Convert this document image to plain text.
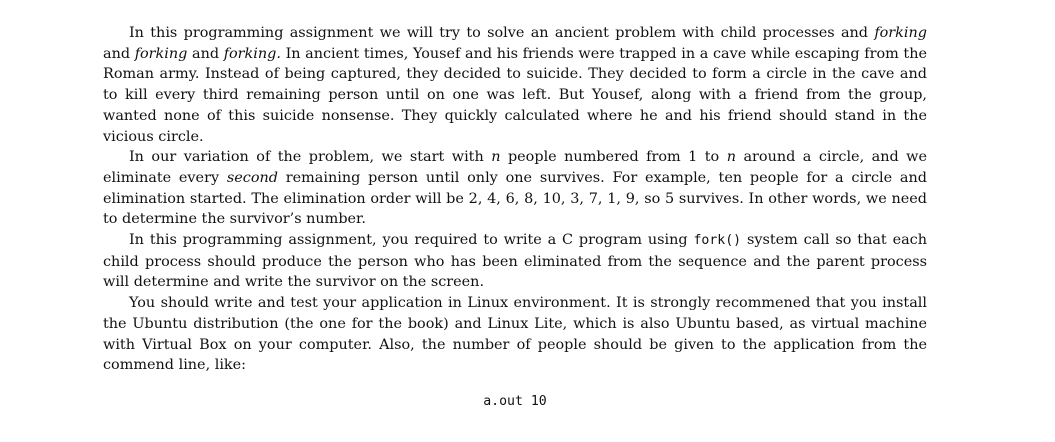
In this programming assignment we will try to solve an ancient problem with child processes and forking and forking and forking. In ancient times, Yousef and his friends were trapped in a cave while escaping from the Roman army. Instead of being captured, they decided to suicide. They decided to form a circle in the cave and to kill every third remaining person until on one was left. But Yousef, along with a friend from the group, wanted none of this suicide nonsense. They quickly calculated where he and his friend should stand in the vicious circle.

In our variation of the problem, we start with n people numbered from 1 to n around a circle, and we eliminate every second remaining person until only one survives. For example, ten people for a circle and elimination started. The elimination order will be 2, 4, 6, 8, 10, 3, 7, 1, 9, so 5 survives. In other words, we need to determine the survivor’s number.

In this programming assignment, you required to write a C program using fork() system call so that each child process should produce the person who has been eliminated from the sequence and the parent process will determine and write the survivor on the screen.

You should write and test your application in Linux environment. It is strongly recommened that you install the Ubuntu distribution (the one for the book) and Linux Lite, which is also Ubuntu based, as virtual machine with Virtual Box on your computer. Also, the number of people should be given to the application from the commend line, like:

a.out 10
